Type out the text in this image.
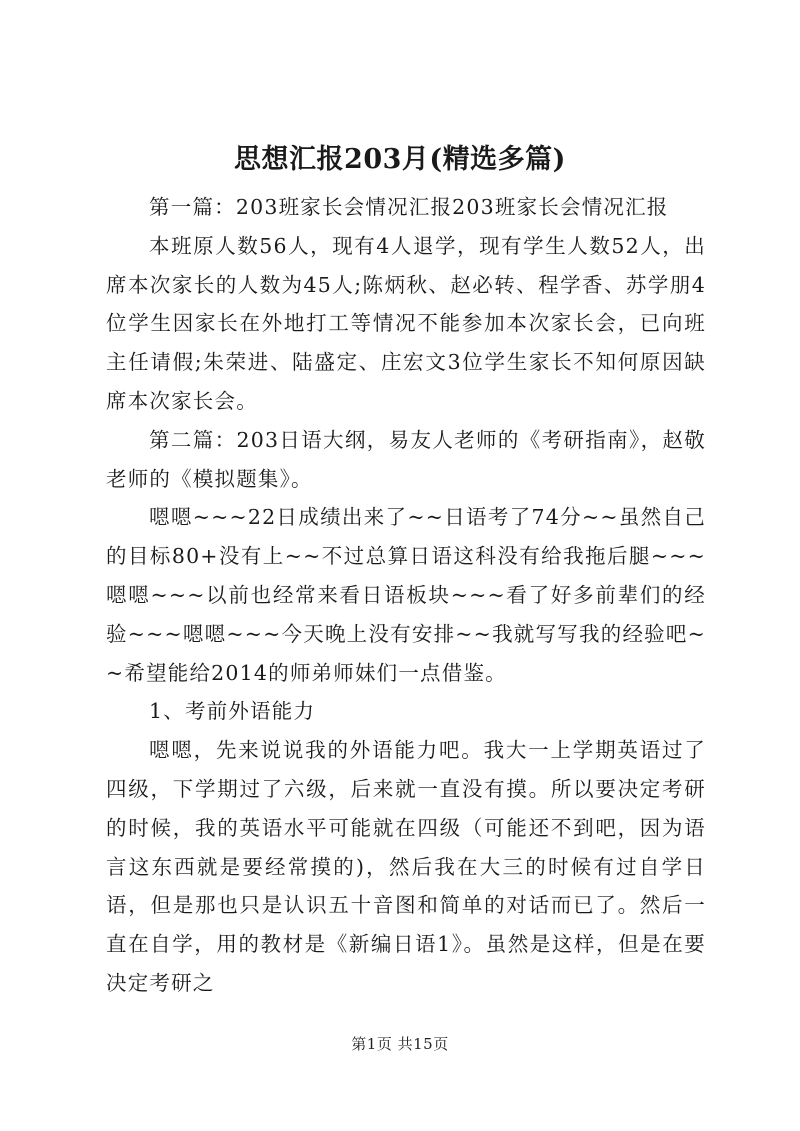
思想汇报203月(精选多篇)

第一篇：203班家长会情况汇报203班家长会情况汇报

本班原人数56人，现有4人退学，现有学生人数52人，出席本次家长的人数为45人;陈炳秋、赵必转、程学香、苏学朋4位学生因家长在外地打工等情况不能参加本次家长会，已向班主任请假;朱荣进、陆盛定、庄宏文3位学生家长不知何原因缺席本次家长会。

第二篇：203日语大纲，易友人老师的《考研指南》，赵敬老师的《模拟题集》。

嗯嗯~~~22日成绩出来了~~日语考了74分~~虽然自己的目标80+没有上~~不过总算日语这科没有给我拖后腿~~~嗯嗯~~~以前也经常来看日语板块~~~看了好多前辈们的经验~~~嗯嗯~~~今天晚上没有安排~~我就写写我的经验吧~~希望能给2014的师弟师妹们一点借鉴。

1、考前外语能力

嗯嗯，先来说说我的外语能力吧。我大一上学期英语过了四级，下学期过了六级，后来就一直没有摸。所以要决定考研的时候，我的英语水平可能就在四级（可能还不到吧，因为语言这东西就是要经常摸的)，然后我在大三的时候有过自学日语，但是那也只是认识五十音图和简单的对话而已了。然后一直在自学，用的教材是《新编日语1》。虽然是这样，但是在要决定考研之

第1页 共15页
